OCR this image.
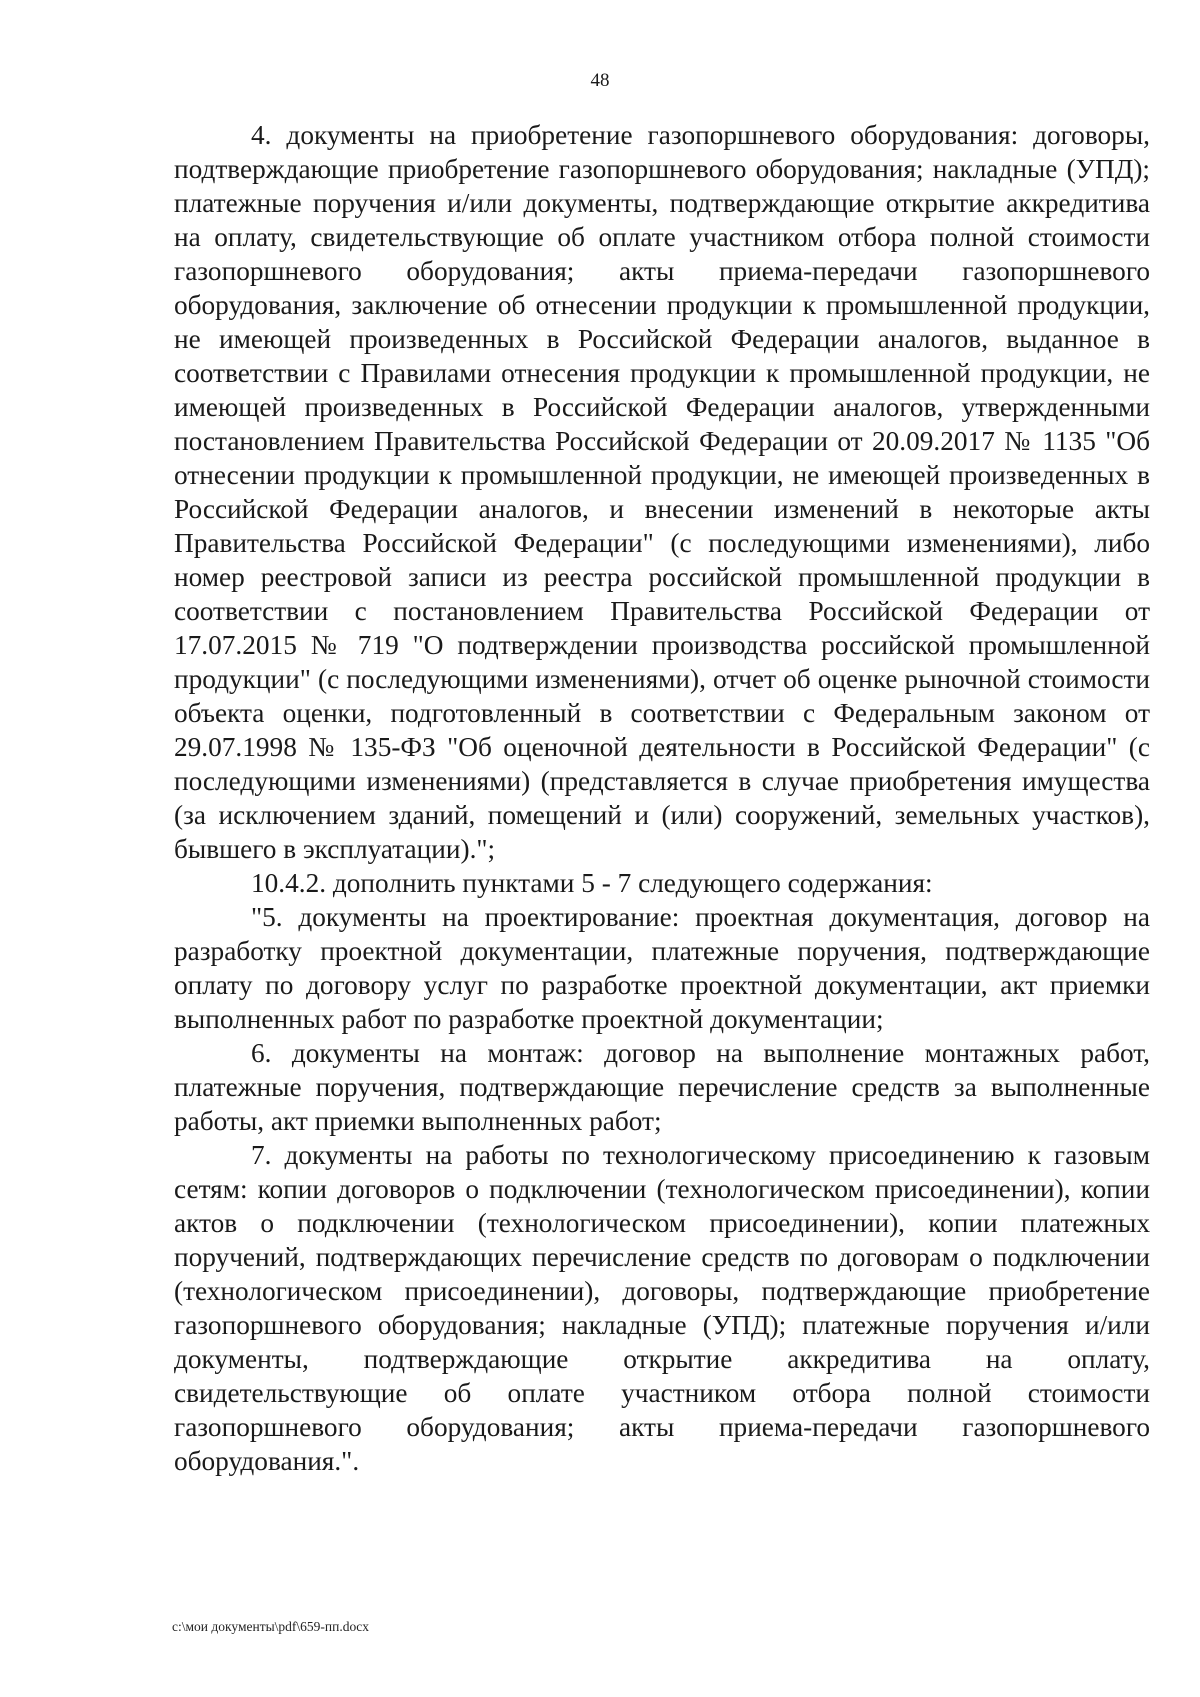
48

4. документы на приобретение газопоршневого оборудования: договоры, подтверждающие приобретение газопоршневого оборудования; накладные (УПД); платежные поручения и/или документы, подтверждающие открытие аккредитива на оплату, свидетельствующие об оплате участником отбора полной стоимости газопоршневого оборудования; акты приема-передачи газопоршневого оборудования, заключение об отнесении продукции к промышленной продукции, не имеющей произведенных в Российской Федерации аналогов, выданное в соответствии с Правилами отнесения продукции к промышленной продукции, не имеющей произведенных в Российской Федерации аналогов, утвержденными постановлением Правительства Российской Федерации от 20.09.2017 № 1135 "Об отнесении продукции к промышленной продукции, не имеющей произведенных в Российской Федерации аналогов, и внесении изменений в некоторые акты Правительства Российской Федерации" (с последующими изменениями), либо номер реестровой записи из реестра российской промышленной продукции в соответствии с постановлением Правительства Российской Федерации от 17.07.2015 № 719 "О подтверждении производства российской промышленной продукции" (с последующими изменениями), отчет об оценке рыночной стоимости объекта оценки, подготовленный в соответствии с Федеральным законом от 29.07.1998 № 135-ФЗ "Об оценочной деятельности в Российской Федерации" (с последующими изменениями) (представляется в случае приобретения имущества (за исключением зданий, помещений и (или) сооружений, земельных участков), бывшего в эксплуатации).";

10.4.2. дополнить пунктами 5 - 7 следующего содержания:

"5. документы на проектирование: проектная документация, договор на разработку проектной документации, платежные поручения, подтверждающие оплату по договору услуг по разработке проектной документации, акт приемки выполненных работ по разработке проектной документации;

6. документы на монтаж: договор на выполнение монтажных работ, платежные поручения, подтверждающие перечисление средств за выполненные работы, акт приемки выполненных работ;

7. документы на работы по технологическому присоединению к газовым сетям: копии договоров о подключении (технологическом присоединении), копии актов о подключении (технологическом присоединении), копии платежных поручений, подтверждающих перечисление средств по договорам о подключении (технологическом присоединении), договоры, подтверждающие приобретение газопоршневого оборудования; накладные (УПД); платежные поручения и/или документы, подтверждающие открытие аккредитива на оплату, свидетельствующие об оплате участником отбора полной стоимости газопоршневого оборудования; акты приема-передачи газопоршневого оборудования.".

c:\мои документы\pdf\659-пп.docx
